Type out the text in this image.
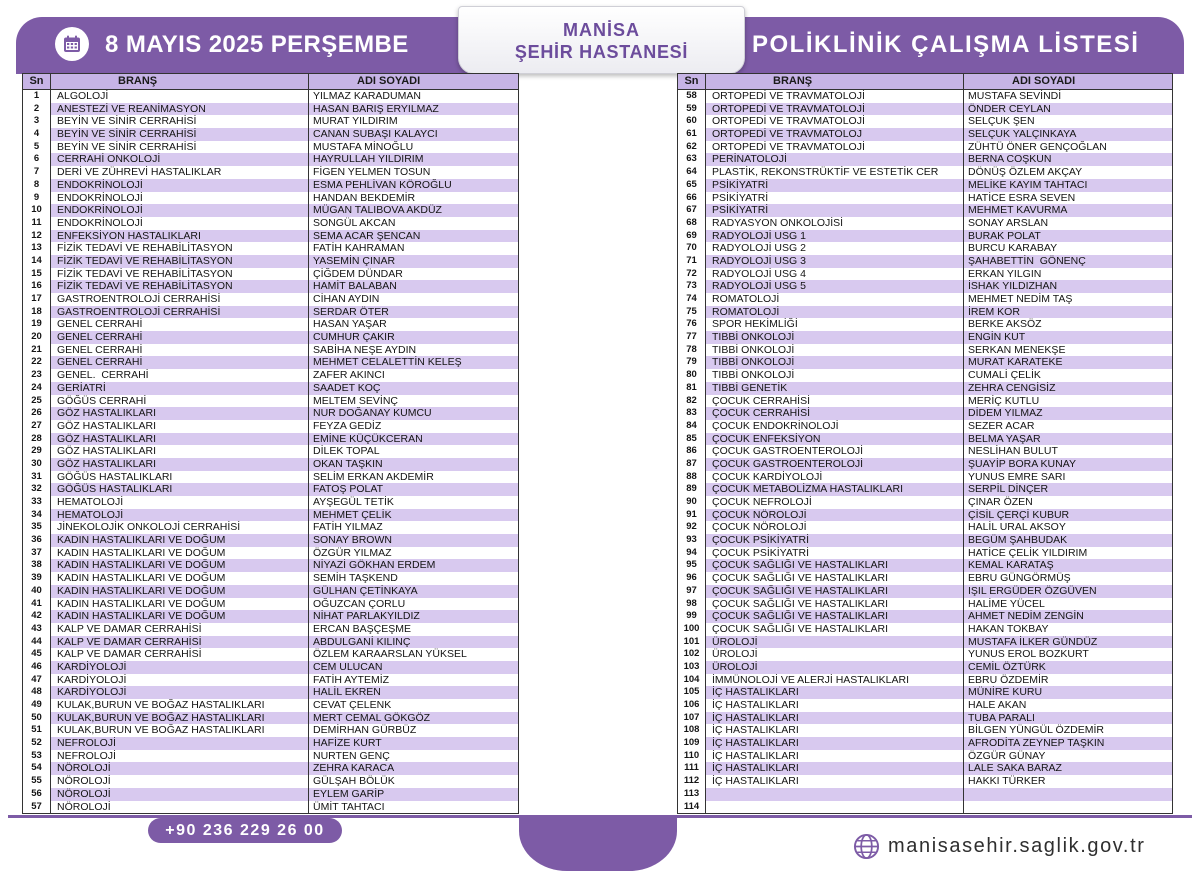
8 MAYIS 2025 PERŞEMBE	POLİKLİNİK ÇALIŞMA LİSTESİ
MANİSA
ŞEHİR HASTANESİ
Sn	BRANŞ	ADI SOYADI
1	ALGOLOJİ	YILMAZ KARADUMAN
2	ANESTEZİ VE REANİMASYON	HASAN BARIŞ ERYILMAZ
3	BEYİN VE SİNİR CERRAHİSİ	MURAT YILDIRIM
4	BEYİN VE SİNİR CERRAHİSİ	CANAN SUBAŞI KALAYCI
5	BEYİN VE SİNİR CERRAHİSİ	MUSTAFA MİNOĞLU
6	CERRAHİ ONKOLOJİ	HAYRULLAH YILDIRIM
7	DERİ VE ZÜHREVİ HASTALIKLAR	FİGEN YELMEN TOSUN
8	ENDOKRİNOLOJİ	ESMA PEHLİVAN KÖROĞLU
9	ENDOKRİNOLOJİ	HANDAN BEKDEMİR
10	ENDOKRİNOLOJİ	MÜGAN TALIBOVA AKDÜZ
11	ENDOKRİNOLOJİ	SONGÜL AKCAN
12	ENFEKSİYON HASTALIKLARI	SEMA ACAR ŞENCAN
13	FİZİK TEDAVİ VE REHABİLİTASYON	FATİH KAHRAMAN
14	FİZİK TEDAVİ VE REHABİLİTASYON	YASEMİN ÇINAR
15	FİZİK TEDAVİ VE REHABİLİTASYON	ÇİĞDEM DÜNDAR
16	FİZİK TEDAVİ VE REHABİLİTASYON	HAMİT BALABAN
17	GASTROENTROLOJİ CERRAHİSİ	CİHAN AYDIN
18	GASTROENTROLOJİ CERRAHİSİ	SERDAR ÖTER
19	GENEL CERRAHİ	HASAN YAŞAR
20	GENEL CERRAHİ	CUMHUR ÇAKIR
21	GENEL CERRAHİ	SABİHA NEŞE AYDIN
22	GENEL CERRAHİ	MEHMET CELALETTİN KELEŞ
23	GENEL.  CERRAHİ	ZAFER AKINCI
24	GERİATRİ	SAADET KOÇ
25	GÖĞÜS CERRAHİ	MELTEM SEVİNÇ
26	GÖZ HASTALIKLARI	NUR DOĞANAY KUMCU
27	GÖZ HASTALIKLARI	FEYZA GEDİZ
28	GÖZ HASTALIKLARI	EMİNE KÜÇÜKCERAN
29	GÖZ HASTALIKLARI	DİLEK TOPAL
30	GÖZ HASTALIKLARI	OKAN TAŞKIN
31	GÖĞÜS HASTALIKLARI	SELİM ERKAN AKDEMİR
32	GÖĞÜS HASTALIKLARI	FATOŞ POLAT
33	HEMATOLOJİ	AYŞEGÜL TETİK
34	HEMATOLOJİ	MEHMET ÇELİK
35	JİNEKOLOJİK ONKOLOJİ CERRAHİSİ	FATİH YILMAZ
36	KADIN HASTALIKLARI VE DOĞUM	SONAY BROWN
37	KADIN HASTALIKLARI VE DOĞUM	ÖZGÜR YILMAZ
38	KADIN HASTALIKLARI VE DOĞUM	NİYAZİ GÖKHAN ERDEM
39	KADIN HASTALIKLARI VE DOĞUM	SEMİH TAŞKEND
40	KADIN HASTALIKLARI VE DOĞUM	GÜLHAN ÇETİNKAYA
41	KADIN HASTALIKLARI VE DOĞUM	OĞUZCAN ÇORLU
42	KADIN HASTALIKLARI VE DOĞUM	NİHAT PARLAKYILDIZ
43	KALP VE DAMAR CERRAHİSİ	ERCAN BAŞÇEŞME
44	KALP VE DAMAR CERRAHİSİ	ABDULGANİ KILINÇ
45	KALP VE DAMAR CERRAHİSİ	ÖZLEM KARAARSLAN YÜKSEL
46	KARDİYOLOJİ	CEM ULUCAN
47	KARDİYOLOJİ	FATİH AYTEMİZ
48	KARDİYOLOJİ	HALİL EKREN
49	KULAK,BURUN VE BOĞAZ HASTALIKLARI	CEVAT ÇELENK
50	KULAK,BURUN VE BOĞAZ HASTALIKLARI	MERT CEMAL GÖKGÖZ
51	KULAK,BURUN VE BOĞAZ HASTALIKLARI	DEMİRHAN GÜRBÜZ
52	NEFROLOJİ	HAFİZE KURT
53	NEFROLOJİ	NURTEN GENÇ
54	NÖROLOJİ	ZEHRA KARACA
55	NÖROLOJİ	GÜLŞAH BÖLÜK
56	NÖROLOJİ	EYLEM GARİP
57	NÖROLOJİ	ÜMİT TAHTACI
Sn	BRANŞ	ADI SOYADI
58	ORTOPEDİ VE TRAVMATOLOJİ	MUSTAFA SEVİNDİ
59	ORTOPEDİ VE TRAVMATOLOJİ	ÖNDER CEYLAN
60	ORTOPEDİ VE TRAVMATOLOJİ	SELÇUK ŞEN
61	ORTOPEDİ VE TRAVMATOLOJ	SELÇUK YALÇINKAYA
62	ORTOPEDİ VE TRAVMATOLOJİ	ZÜHTÜ ÖNER GENÇOĞLAN
63	PERİNATOLOJİ	BERNA COŞKUN
64	PLASTİK, REKONSTRÜKTİF VE ESTETİK CER	DÖNÜŞ ÖZLEM AKÇAY
65	PSİKİYATRİ	MELİKE KAYIM TAHTACI
66	PSİKİYATRİ	HATİCE ESRA SEVEN
67	PSİKİYATRİ	MEHMET KAVURMA
68	RADYASYON ONKOLOJİSİ	SONAY ARSLAN
69	RADYOLOJİ USG 1	BURAK POLAT
70	RADYOLOJİ USG 2	BURCU KARABAY
71	RADYOLOJİ USG 3	ŞAHABETTİN  GÖNENÇ
72	RADYOLOJİ USG 4	ERKAN YILGIN
73	RADYOLOJİ USG 5	İSHAK YILDIZHAN
74	ROMATOLOJİ	MEHMET NEDİM TAŞ
75	ROMATOLOJİ	İREM KOR
76	SPOR HEKİMLİĞİ	BERKE AKSÖZ
77	TIBBİ ONKOLOJİ	ENGİN KUT
78	TIBBİ ONKOLOJİ	SERKAN MENEKŞE
79	TIBBİ ONKOLOJİ	MURAT KARATEKE
80	TIBBİ ONKOLOJİ	CUMALİ ÇELİK
81	TIBBİ GENETİK	ZEHRA CENGİSİZ
82	ÇOCUK CERRAHİSİ	MERİÇ KUTLU
83	ÇOCUK CERRAHİSİ	DİDEM YILMAZ
84	ÇOCUK ENDOKRİNOLOJİ	SEZER ACAR
85	ÇOCUK ENFEKSİYON	BELMA YAŞAR
86	ÇOCUK GASTROENTEROLOJİ	NESLİHAN BULUT
87	ÇOCUK GASTROENTEROLOJİ	ŞUAYİP BORA KUNAY
88	ÇOCUK KARDİYOLOJİ	YUNUS EMRE SARI
89	ÇOCUK METABOLİZMA HASTALIKLARI	SERPİL DİNÇER
90	ÇOCUK NEFROLOJİ	ÇINAR ÖZEN
91	ÇOCUK NÖROLOJİ	ÇİSİL ÇERÇİ KUBUR
92	ÇOCUK NÖROLOJİ	HALİL URAL AKSOY
93	ÇOCUK PSİKİYATRİ	BEGÜM ŞAHBUDAK
94	ÇOCUK PSİKİYATRİ	HATİCE ÇELİK YILDIRIM
95	ÇOCUK SAĞLIĞI VE HASTALIKLARI	KEMAL KARATAŞ
96	ÇOCUK SAĞLIĞI VE HASTALIKLARI	EBRU GÜNGÖRMÜŞ
97	ÇOCUK SAĞLIĞI VE HASTALIKLARI	IŞIL ERGÜDER ÖZGÜVEN
98	ÇOCUK SAĞLIĞI VE HASTALIKLARI	HALİME YÜCEL
99	ÇOCUK SAĞLIĞI VE HASTALIKLARI	AHMET NEDİM ZENGİN
100	ÇOCUK SAĞLIĞI VE HASTALIKLARI	HAKAN TOKBAY
101	ÜROLOJİ	MUSTAFA İLKER GÜNDÜZ
102	ÜROLOJİ	YUNUS EROL BOZKURT
103	ÜROLOJİ	CEMİL ÖZTÜRK
104	İMMÜNOLOJİ VE ALERJİ HASTALIKLARI	EBRU ÖZDEMİR
105	İÇ HASTALIKLARI	MÜNİRE KURU
106	İÇ HASTALIKLARI	HALE AKAN
107	İÇ HASTALIKLARI	TUBA PARALI
108	İÇ HASTALIKLARI	BİLGEN YÜNGÜL ÖZDEMİR
109	İÇ HASTALIKLARI	AFRODİTA ZEYNEP TAŞKIN
110	İÇ HASTALIKLARI	ÖZGÜR GÜNAY
111	İÇ HASTALIKLARI	LALE SAKA BARAZ
112	İÇ HASTALIKLARI	HAKKI TÜRKER
113
114
+90 236 229 26 00
manisasehir.saglik.gov.tr
